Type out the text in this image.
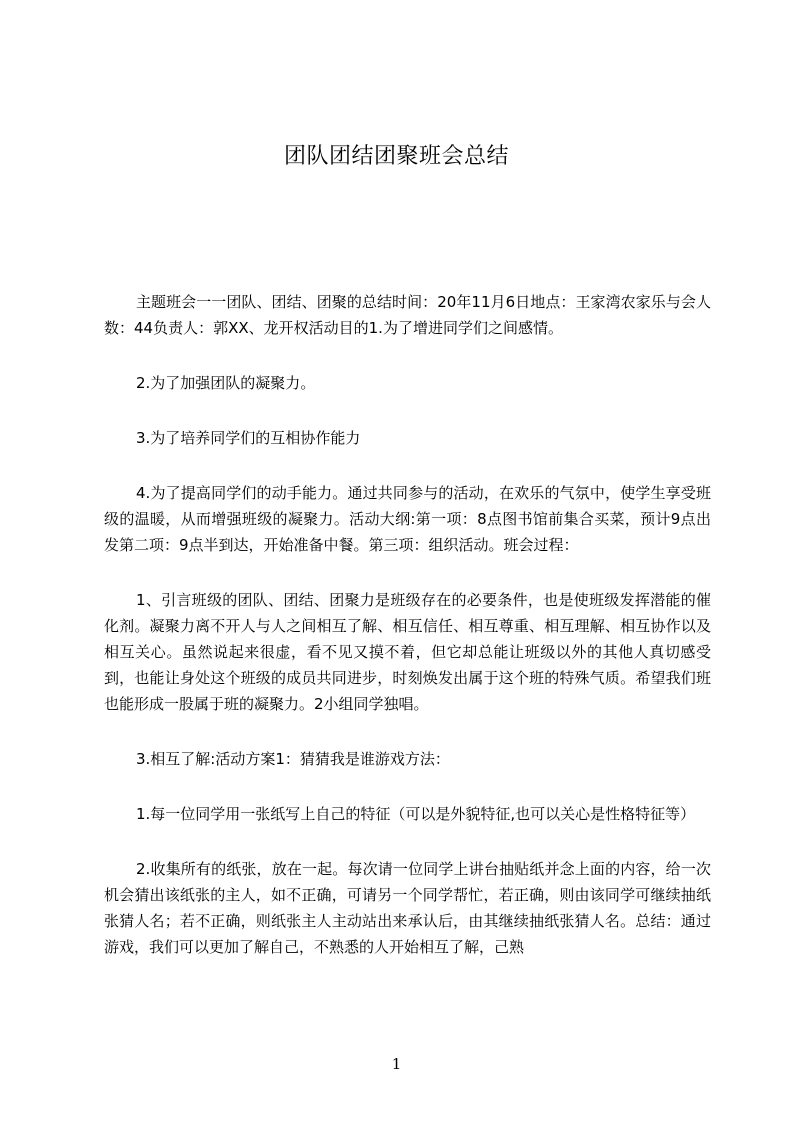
团队团结团聚班会总结

主题班会一一团队、团结、团聚的总结时间：20年11月6日地点：王家湾农家乐与会人数：44负责人：郭XX、龙开权活动目的1.为了增进同学们之间感情。

2.为了加强团队的凝聚力。

3.为了培养同学们的互相协作能力

4.为了提高同学们的动手能力。通过共同参与的活动，在欢乐的气氛中，使学生享受班级的温暖，从而增强班级的凝聚力。活动大纲:第一项：8点图书馆前集合买菜，预计9点出发第二项：9点半到达，开始准备中餐。第三项：组织活动。班会过程：

1、引言班级的团队、团结、团聚力是班级存在的必要条件，也是使班级发挥潜能的催化剂。凝聚力离不开人与人之间相互了解、相互信任、相互尊重、相互理解、相互协作以及相互关心。虽然说起来很虚，看不见又摸不着，但它却总能让班级以外的其他人真切感受到，也能让身处这个班级的成员共同进步，时刻焕发出属于这个班的特殊气质。希望我们班也能形成一股属于班的凝聚力。2小组同学独唱。

3.相互了解:活动方案1：猜猜我是谁游戏方法：

1.每一位同学用一张纸写上自己的特征（可以是外貌特征,也可以关心是性格特征等）

2.收集所有的纸张，放在一起。每次请一位同学上讲台抽贴纸并念上面的内容，给一次机会猜出该纸张的主人，如不正确，可请另一个同学帮忙，若正确，则由该同学可继续抽纸张猜人名；若不正确，则纸张主人主动站出来承认后，由其继续抽纸张猜人名。总结：通过游戏，我们可以更加了解自己，不熟悉的人开始相互了解，己熟

1
